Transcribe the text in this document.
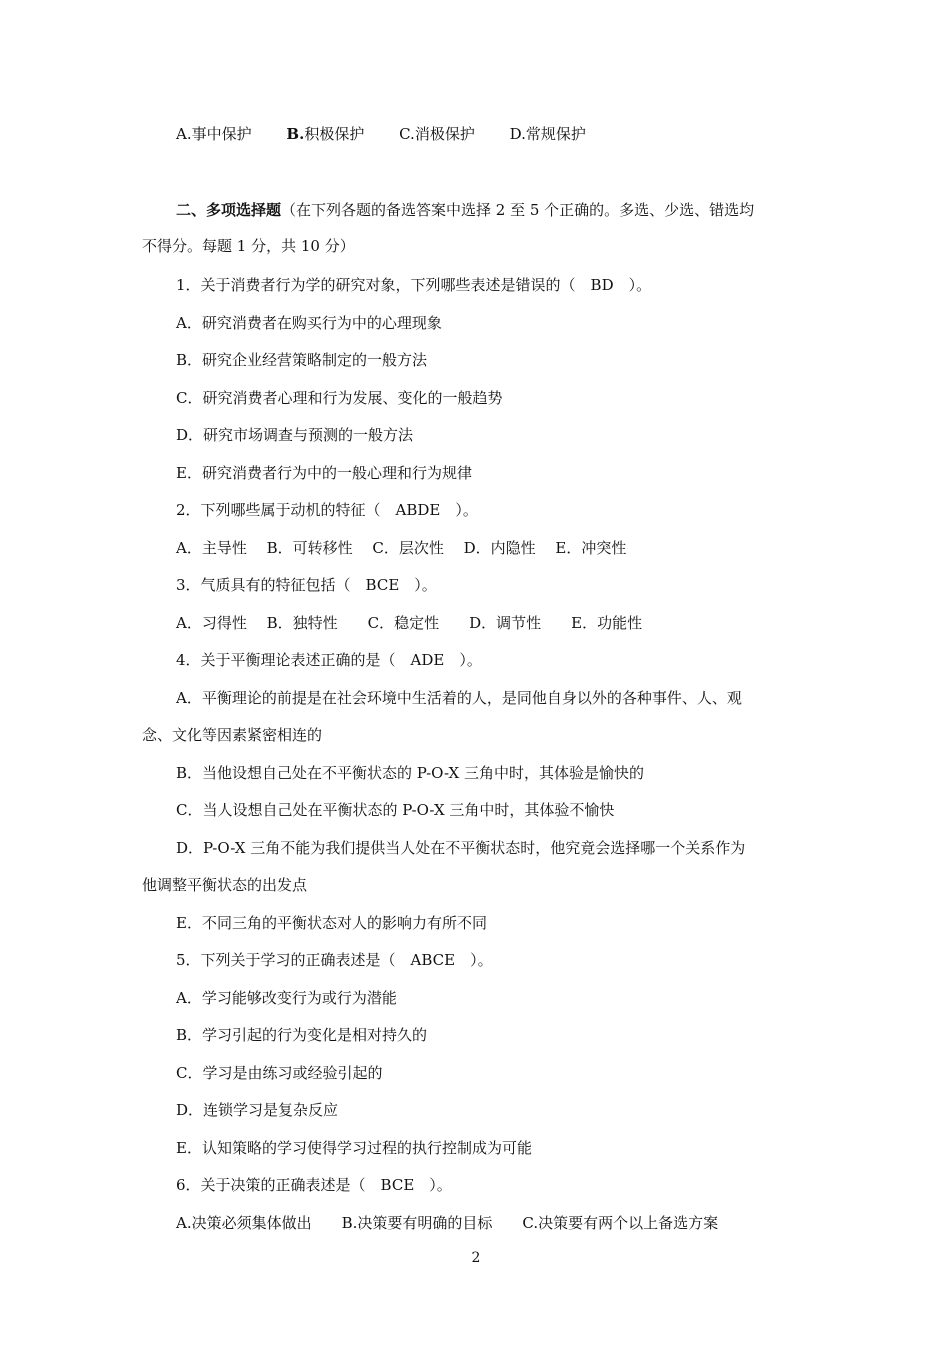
A.事中保护 B.积极保护 C.消极保护 D.常规保护
二、多项选择题（在下列各题的备选答案中选择 2 至 5 个正确的。多选、少选、错选均
不得分。每题 1 分，共 10 分）
1．关于消费者行为学的研究对象，下列哪些表述是错误的（　BD　）。
A．研究消费者在购买行为中的心理现象
B．研究企业经营策略制定的一般方法
C．研究消费者心理和行为发展、变化的一般趋势
D．研究市场调查与预测的一般方法
E．研究消费者行为中的一般心理和行为规律
2．下列哪些属于动机的特征（　ABDE　）。
A．主导性　 B．可转移性　 C．层次性　 D．内隐性　 E．冲突性
3．气质具有的特征包括（　BCE　）。
A．习得性　 B．独特性　　C．稳定性　　D．调节性　　E．功能性
4．关于平衡理论表述正确的是（　ADE　）。
A．平衡理论的前提是在社会环境中生活着的人，是同他自身以外的各种事件、人、观
念、文化等因素紧密相连的
B．当他设想自己处在不平衡状态的 P-O-X 三角中时，其体验是愉快的
C．当人设想自己处在平衡状态的 P-O-X 三角中时，其体验不愉快
D．P-O-X 三角不能为我们提供当人处在不平衡状态时，他究竟会选择哪一个关系作为
他调整平衡状态的出发点
E．不同三角的平衡状态对人的影响力有所不同
5．下列关于学习的正确表述是（　ABCE　）。
A．学习能够改变行为或行为潜能
B．学习引起的行为变化是相对持久的
C．学习是由练习或经验引起的
D．连锁学习是复杂反应
E．认知策略的学习使得学习过程的执行控制成为可能
6．关于决策的正确表述是（　BCE　）。
A.决策必须集体做出　　B.决策要有明确的目标　　C.决策要有两个以上备选方案
2
